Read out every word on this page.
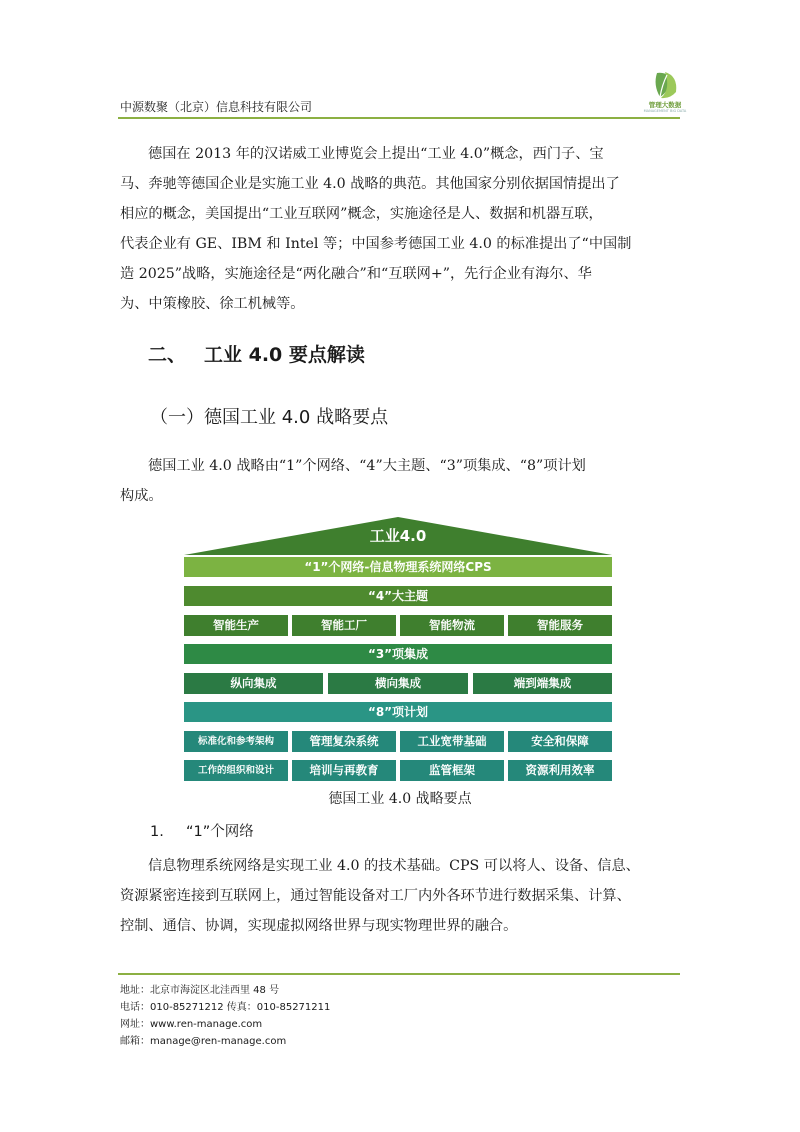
中源数聚（北京）信息科技有限公司	管理大数据
MANAGEMENT BIG DATA
德国在 2013 年的汉诺威工业博览会上提出“工业 4.0”概念，西门子、宝
马、奔驰等德国企业是实施工业 4.0 战略的典范。其他国家分别依据国情提出了
相应的概念，美国提出“工业互联网”概念，实施途径是人、数据和机器互联，
代表企业有 GE、IBM 和 Intel 等；中国参考德国工业 4.0 的标准提出了“中国制
造 2025”战略，实施途径是“两化融合”和“互联网+”，先行企业有海尔、华
为、中策橡胶、徐工机械等。
二、 工业 4.0 要点解读
（一）德国工业 4.0 战略要点
德国工业 4.0 战略由“1”个网络、“4”大主题、“3”项集成、“8”项计划
构成。
工业4.0
“1”个网络-信息物理系统网络CPS
“4”大主题
智能生产	智能工厂	智能物流	智能服务
“3”项集成
纵向集成	横向集成	端到端集成
“8”项计划
标准化和参考架构	管理复杂系统	工业宽带基础	安全和保障
工作的组织和设计	培训与再教育	监管框架	资源利用效率
德国工业 4.0 战略要点
1. “1”个网络
信息物理系统网络是实现工业 4.0 的技术基础。CPS 可以将人、设备、信息、
资源紧密连接到互联网上，通过智能设备对工厂内外各环节进行数据采集、计算、
控制、通信、协调，实现虚拟网络世界与现实物理世界的融合。
地址：北京市海淀区北洼西里 48 号
电话：010-85271212 传真：010-85271211
网址：www.ren-manage.com
邮箱：manage@ren-manage.com
